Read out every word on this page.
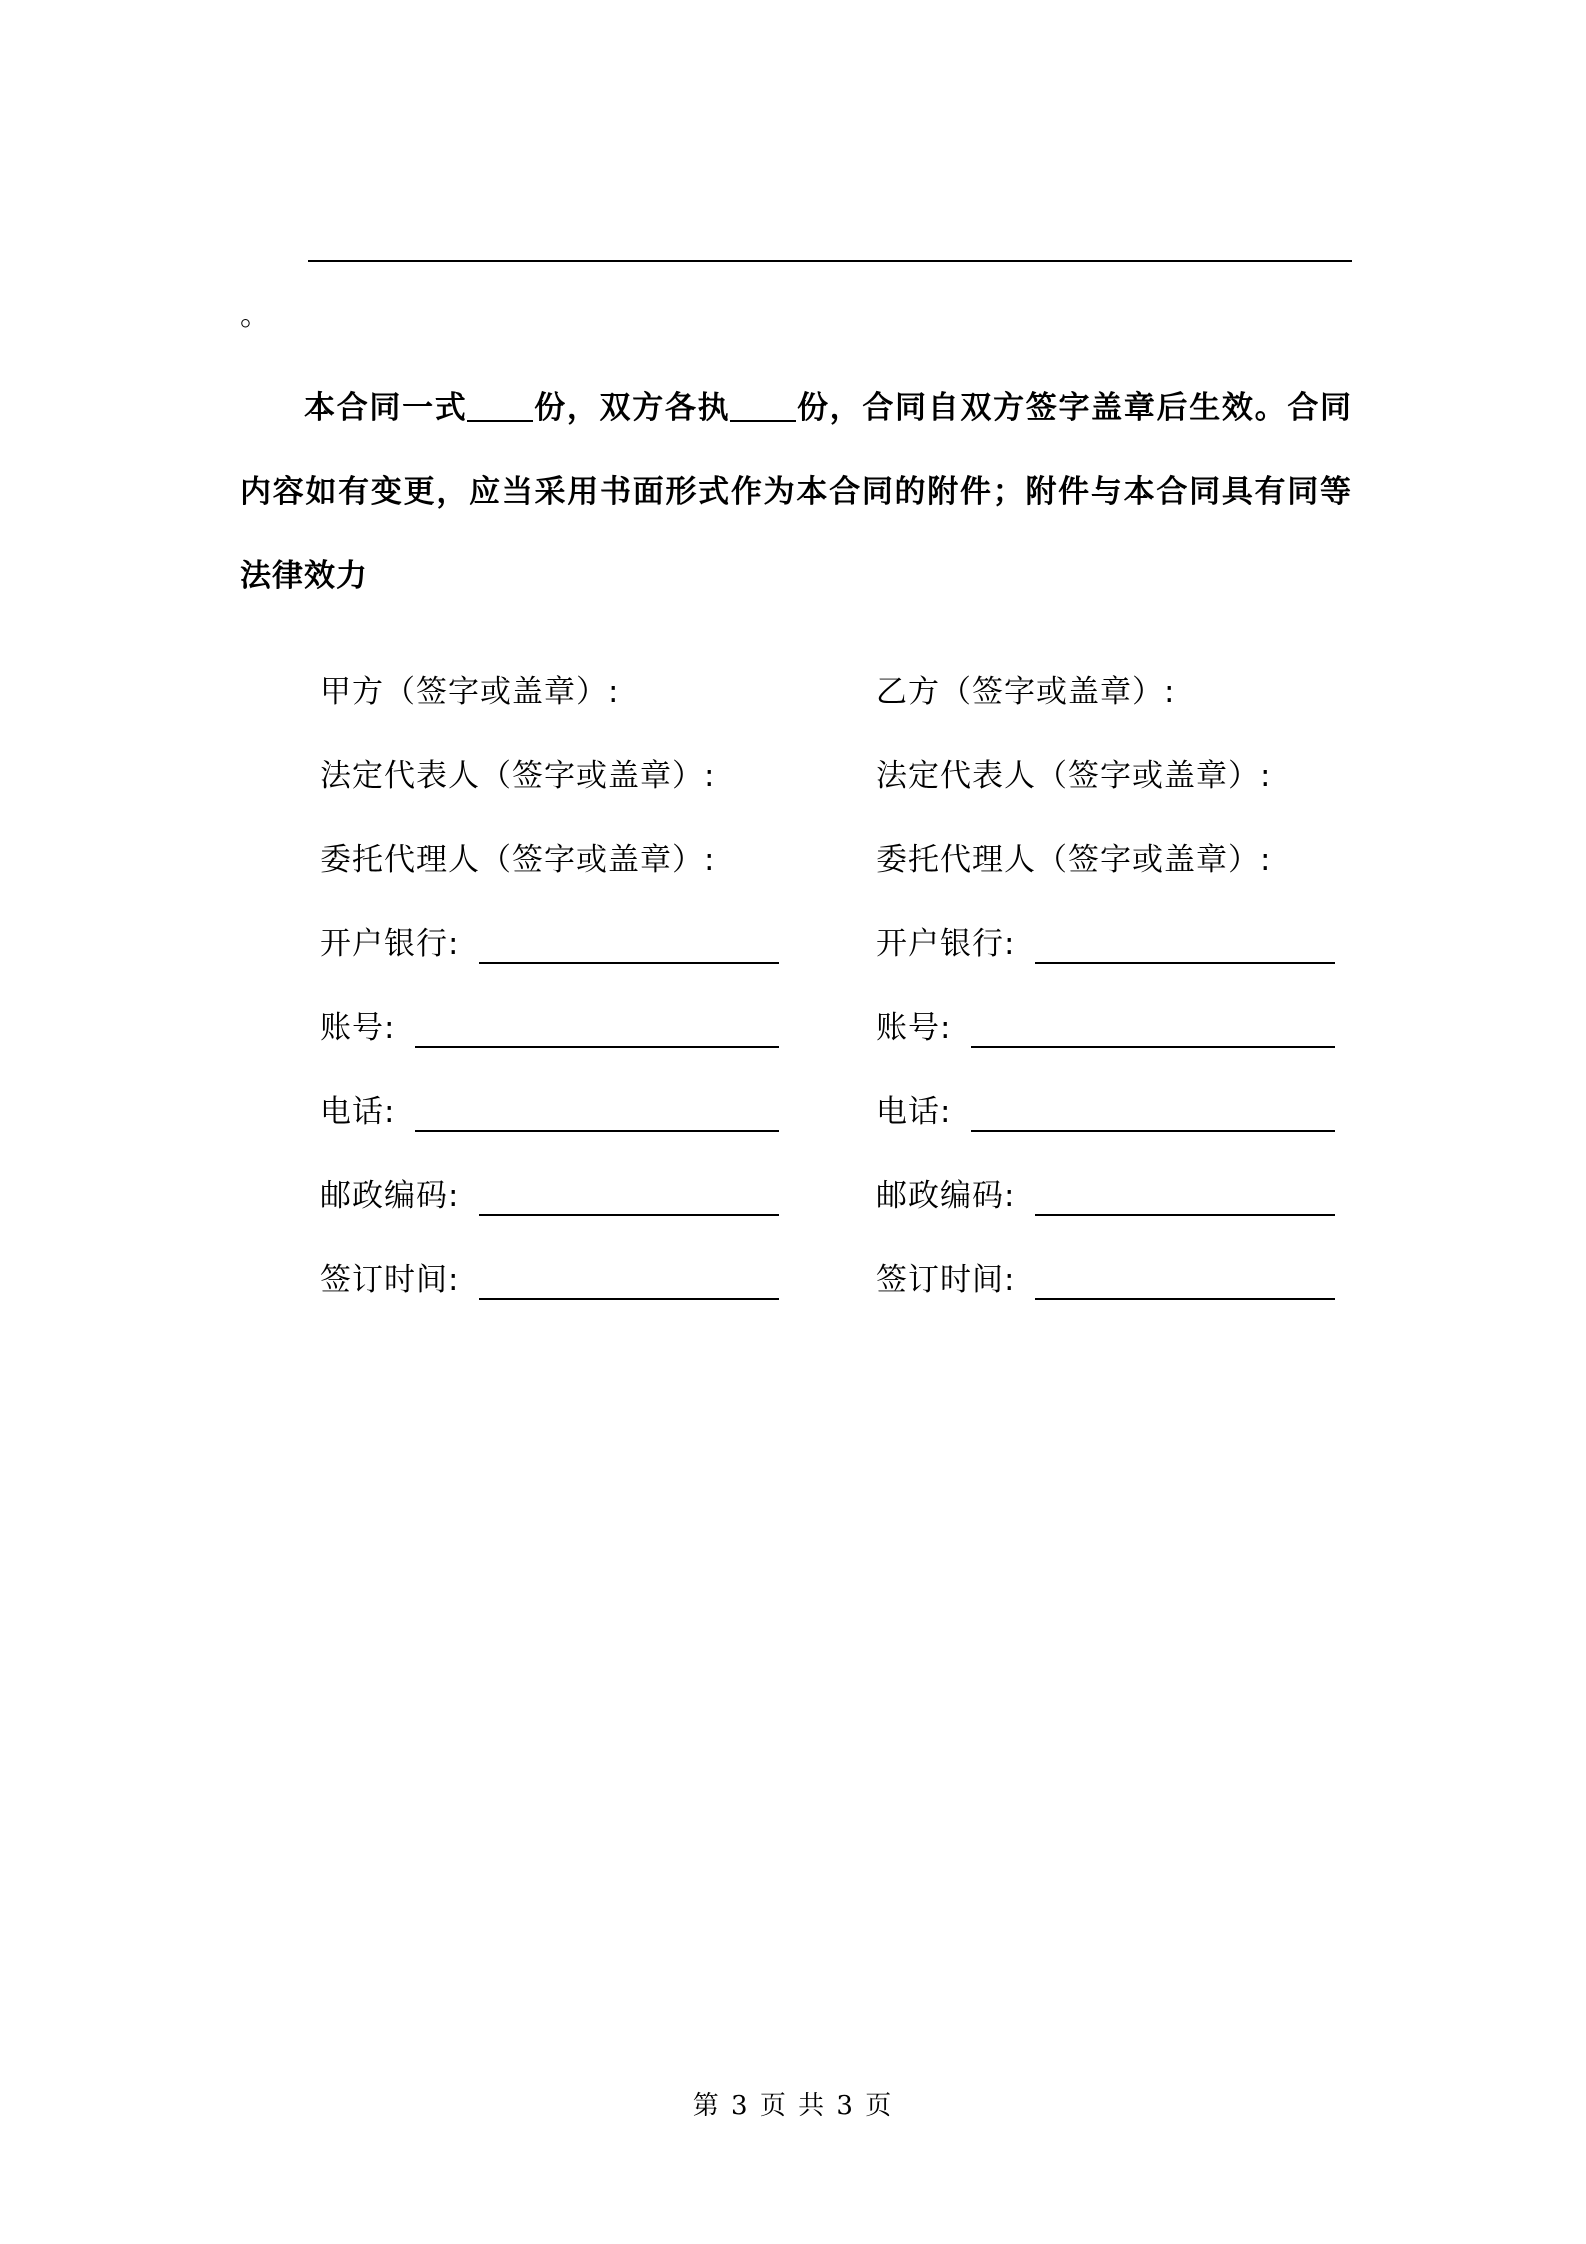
。

本合同一式 份，双方各执 份，合同自双方签字盖章后生效。合同内容如有变更，应当采用书面形式作为本合同的附件；附件与本合同具有同等法律效力

甲方（签字或盖章）:
法定代表人（签字或盖章）:
委托代理人（签字或盖章）:
开户银行:
账号:
电话:
邮政编码:
签订时间:
乙方（签字或盖章）:
法定代表人（签字或盖章）:
委托代理人（签字或盖章）:
开户银行:
账号:
电话:
邮政编码:
签订时间:
第 3 页 共 3 页
